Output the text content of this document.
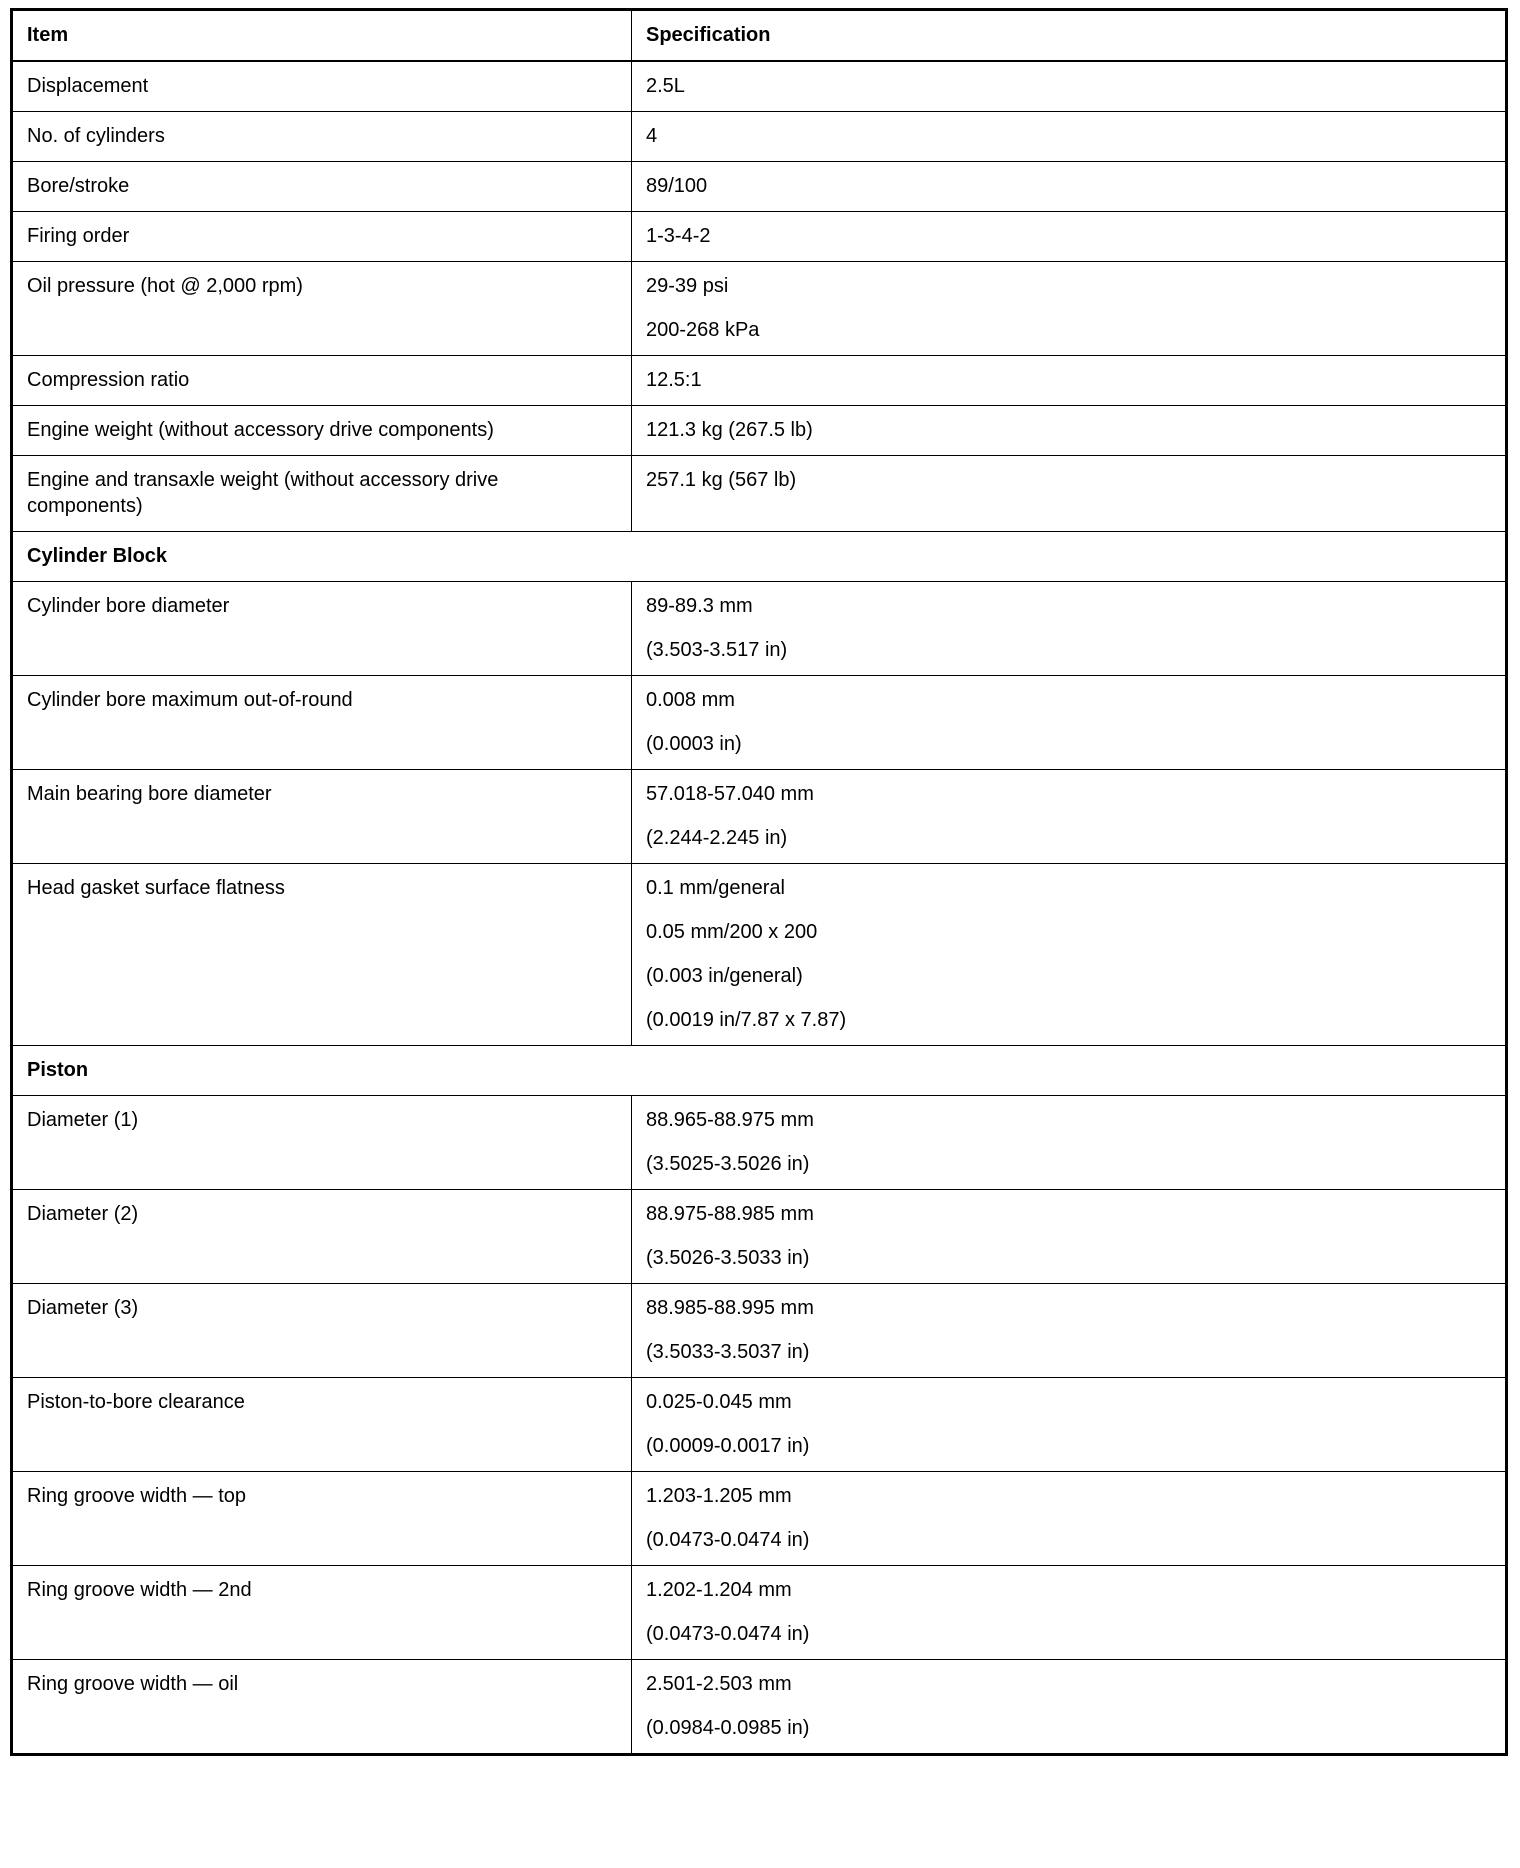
Item	Specification
Displacement	2.5L

No. of cylinders	4

Bore/stroke	89/100

Firing order	1-3-4-2

Oil pressure (hot @ 2,000 rpm)	29-39 psi

200-268 kPa

Compression ratio	12.5:1

Engine weight (without accessory drive components)	121.3 kg (267.5 lb)

Engine and transaxle weight (without accessory drive components)	257.1 kg (567 lb)

Cylinder Block	
Cylinder bore diameter	89-89.3 mm

(3.503-3.517 in)

Cylinder bore maximum out-of-round	0.008 mm

(0.0003 in)

Main bearing bore diameter	57.018-57.040 mm

(2.244-2.245 in)

Head gasket surface flatness	0.1 mm/general

0.05 mm/200 x 200

(0.003 in/general)

(0.0019 in/7.87 x 7.87)

Piston	
Diameter (1)	88.965-88.975 mm

(3.5025-3.5026 in)

Diameter (2)	88.975-88.985 mm

(3.5026-3.5033 in)

Diameter (3)	88.985-88.995 mm

(3.5033-3.5037 in)

Piston-to-bore clearance	0.025-0.045 mm

(0.0009-0.0017 in)

Ring groove width — top	1.203-1.205 mm

(0.0473-0.0474 in)

Ring groove width — 2nd	1.202-1.204 mm

(0.0473-0.0474 in)

Ring groove width — oil	2.501-2.503 mm

(0.0984-0.0985 in)
